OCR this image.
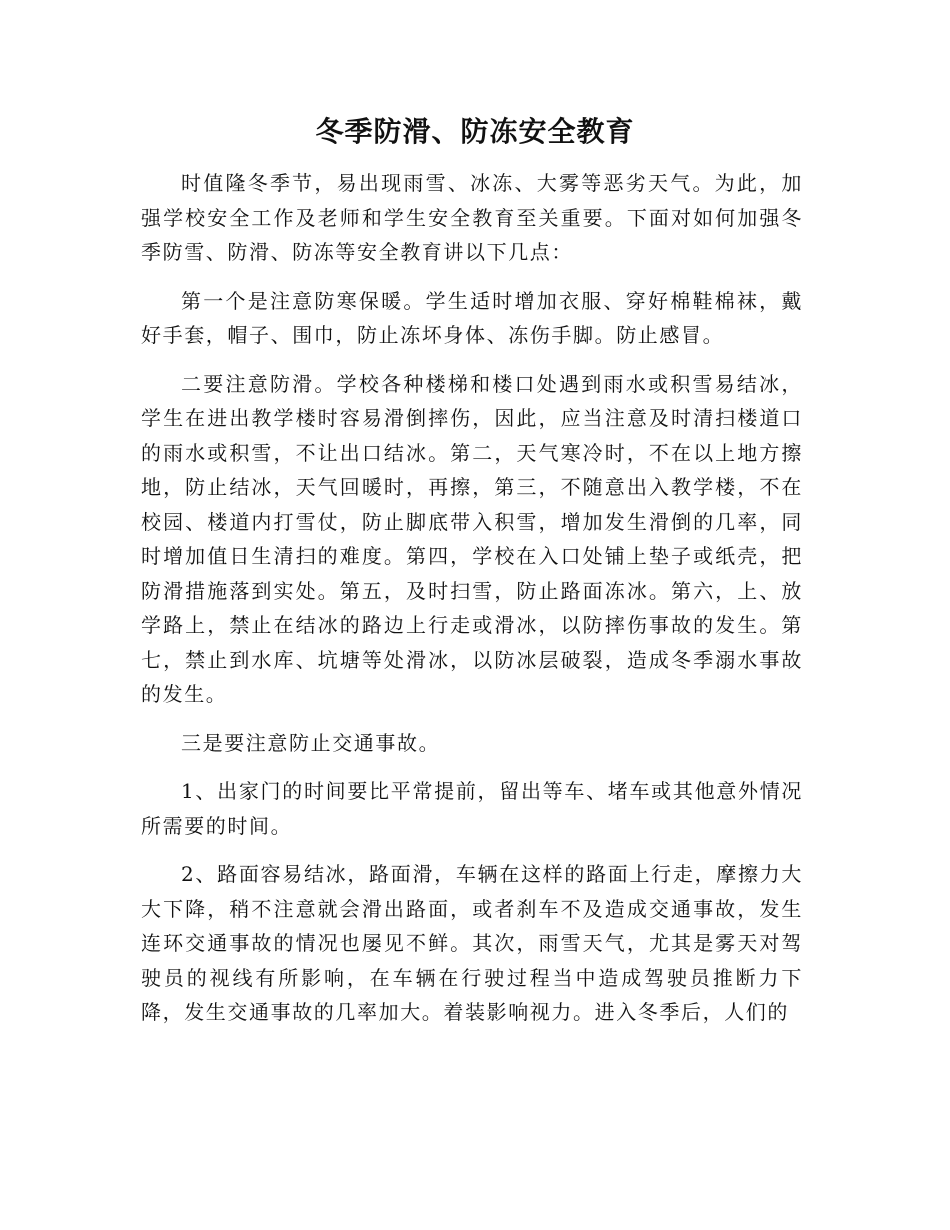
冬季防滑、防冻安全教育

时值隆冬季节，易出现雨雪、冰冻、大雾等恶劣天气。为此，加强学校安全工作及老师和学生安全教育至关重要。下面对如何加强冬季防雪、防滑、防冻等安全教育讲以下几点：

第一个是注意防寒保暖。学生适时增加衣服、穿好棉鞋棉袜，戴好手套，帽子、围巾，防止冻坏身体、冻伤手脚。防止感冒。

二要注意防滑。学校各种楼梯和楼口处遇到雨水或积雪易结冰，学生在进出教学楼时容易滑倒摔伤，因此，应当注意及时清扫楼道口的雨水或积雪，不让出口结冰。第二，天气寒冷时，不在以上地方擦地，防止结冰，天气回暖时，再擦，第三，不随意出入教学楼，不在校园、楼道内打雪仗，防止脚底带入积雪，增加发生滑倒的几率，同时增加值日生清扫的难度。第四，学校在入口处铺上垫子或纸壳，把防滑措施落到实处。第五，及时扫雪，防止路面冻冰。第六，上、放学路上，禁止在结冰的路边上行走或滑冰，以防摔伤事故的发生。第七，禁止到水库、坑塘等处滑冰，以防冰层破裂，造成冬季溺水事故的发生。

三是要注意防止交通事故。

1、出家门的时间要比平常提前，留出等车、堵车或其他意外情况所需要的时间。

2、路面容易结冰，路面滑，车辆在这样的路面上行走，摩擦力大大下降，稍不注意就会滑出路面，或者刹车不及造成交通事故，发生连环交通事故的情况也屡见不鲜。其次，雨雪天气，尤其是雾天对驾驶员的视线有所影响，在车辆在行驶过程当中造成驾驶员推断力下降，发生交通事故的几率加大。着装影响视力。进入冬季后，人们的
